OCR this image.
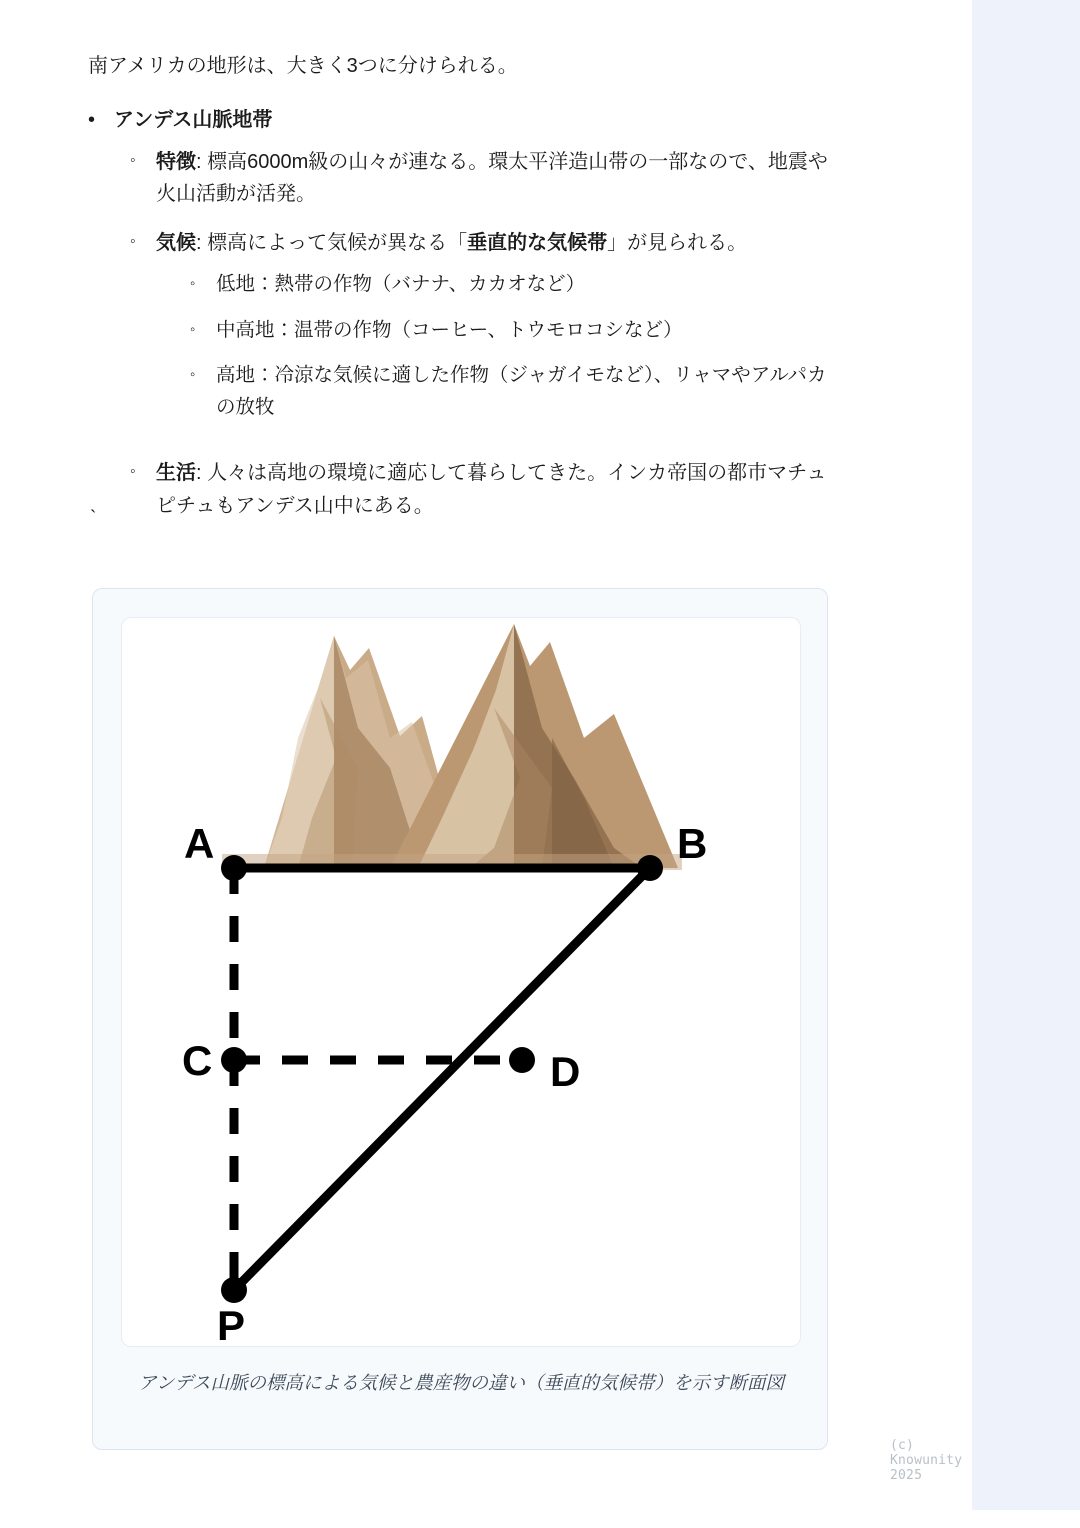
南アメリカの地形は、大きく3つに分けられる。
• アンデス山脈地帯
◦	特徴: 標高6000m級の山々が連なる。環太平洋造山帯の一部なので、地震や火山活動が活発。
◦	気候: 標高によって気候が異なる「垂直的な気候帯」が見られる。
◦	低地：熱帯の作物（バナナ、カカオなど）
◦	中高地：温帯の作物（コーヒー、トウモロコシなど）
◦	高地：冷涼な気候に適した作物（ジャガイモなど）、リャマやアルパカの放牧
◦	生活: 人々は高地の環境に適応して暮らしてきた。インカ帝国の都市マチュピチュもアンデス山中にある。
`
A	B
C	D
P
アンデス山脈の標高による気候と農産物の違い（垂直的気候帯）を示す断面図
(c) Knowunity 2025
